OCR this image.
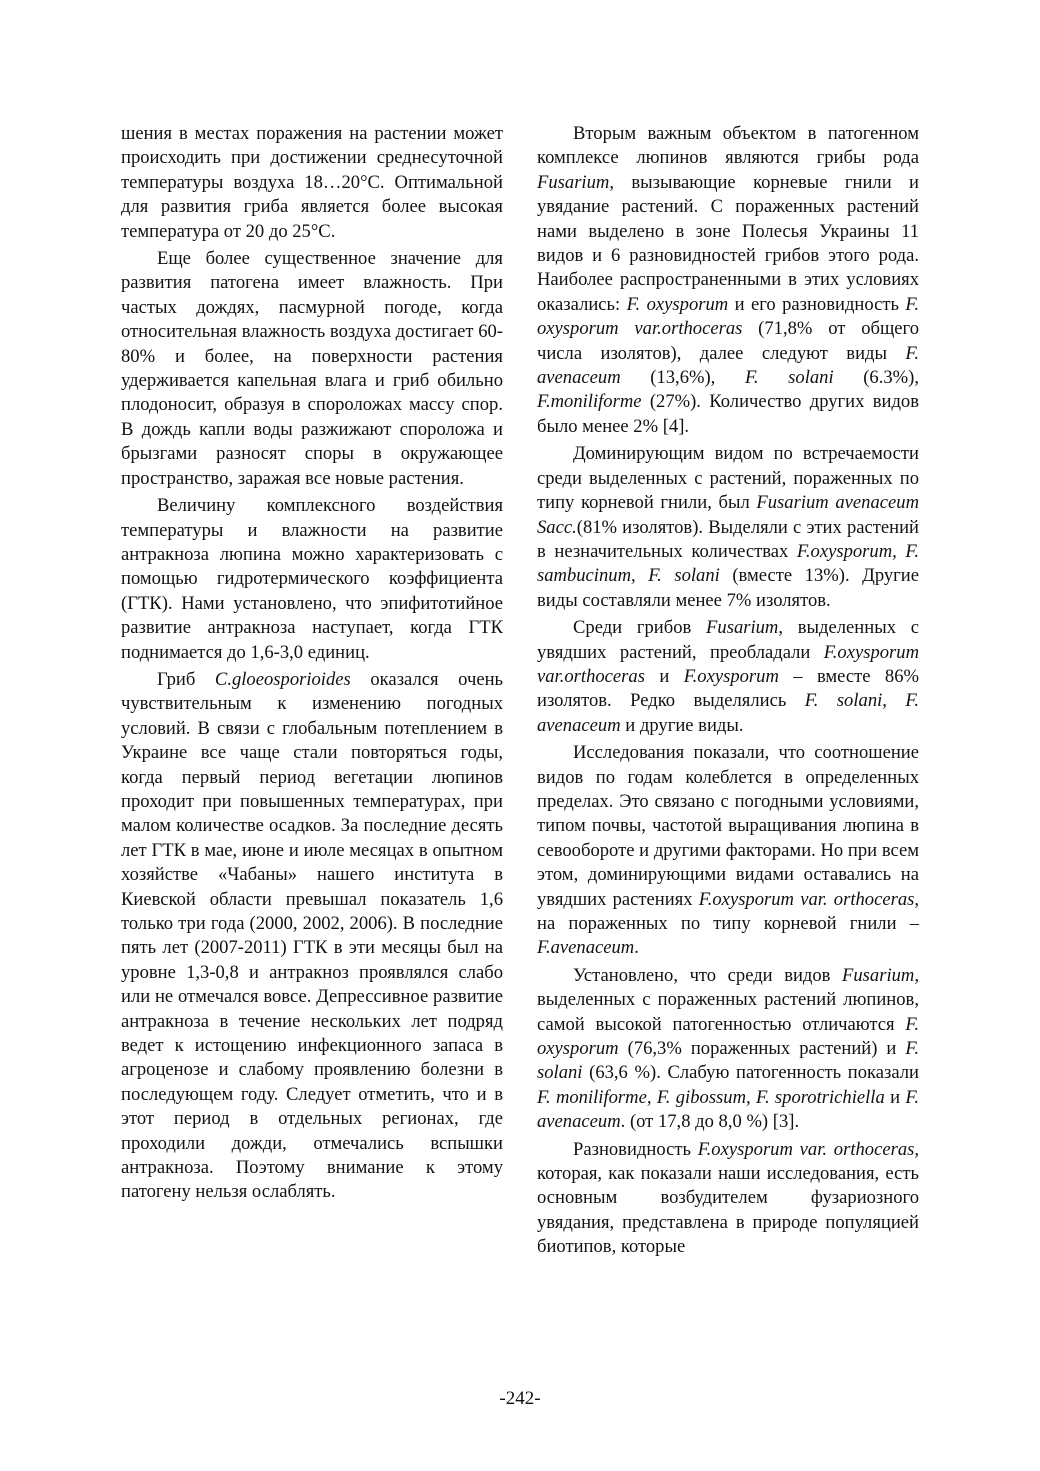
шения в местах поражения на растении может происходить при достижении среднесуточной температуры воздуха 18…20°С. Оптимальной для развития гриба является более высокая температура от 20 до 25°С.

Еще более существенное значение для развития патогена имеет влажность. При частых дождях, пасмурной погоде, когда относительная влажность воздуха достигает 60-80% и более, на поверхности растения удерживается капельная влага и гриб обильно плодоносит, образуя в спороложах массу спор. В дождь капли воды разжижают спороложа и брызгами разносят споры в окружающее пространство, заражая все новые растения.

Величину комплексного воздействия температуры и влажности на развитие антракноза люпина можно характеризовать с помощью гидротермического коэффициента (ГТК). Нами установлено, что эпифитотийное развитие антракноза наступает, когда ГТК поднимается до 1,6-3,0 единиц.

Гриб C.gloeosporioides оказался очень чувствительным к изменению погодных условий. В связи с глобальным потеплением в Украине все чаще стали повторяться годы, когда первый период вегетации люпинов проходит при повышенных температурах, при малом количестве осадков. За последние десять лет ГТК в мае, июне и июле месяцах в опытном хозяйстве «Чабаны» нашего института в Киевской области превышал показатель 1,6 только три года (2000, 2002, 2006). В последние пять лет (2007-2011) ГТК в эти месяцы был на уровне 1,3-0,8 и антракноз проявлялся слабо или не отмечался вовсе. Депрессивное развитие антракноза в течение нескольких лет подряд ведет к истощению инфекционного запаса в агроценозе и слабому проявлению болезни в последующем году. Следует отметить, что и в этот период в отдельных регионах, где проходили дожди, отмечались вспышки антракноза. Поэтому внимание к этому патогену нельзя ослаблять.

Вторым важным объектом в патогенном комплексе люпинов являются грибы рода Fusarium, вызывающие корневые гнили и увядание растений. С пораженных растений нами выделено в зоне Полесья Украины 11 видов и 6 разновидностей грибов этого рода. Наиболее распространенными в этих условиях оказались: F. oxysporum и его разновидность F. oxysporum var.orthoceras (71,8% от общего числа изолятов), далее следуют виды F. avenaceum (13,6%), F. solani (6.3%), F.moniliforme (27%). Количество других видов было менее 2% [4].

Доминирующим видом по встречаемости среди выделенных с растений, пораженных по типу корневой гнили, был Fusarium avenaceum Sacc.(81% изолятов). Выделяли с этих растений в незначительных количествах F.oxysporum, F. sambucinum, F. solani (вместе 13%). Другие виды составляли менее 7% изолятов.

Среди грибов Fusarium, выделенных с увядших растений, преобладали F.oxysporum var.orthoceras и F.oxysporum – вместе 86% изолятов. Редко выделялись F. solani, F. avenaceum и другие виды.

Исследования показали, что соотношение видов по годам колеблется в определенных пределах. Это связано с погодными условиями, типом почвы, частотой выращивания люпина в севообороте и другими факторами. Но при всем этом, доминирующими видами оставались на увядших растениях F.oxysporum var. orthoceras, на пораженных по типу корневой гнили – F.avenaceum.

Установлено, что среди видов Fusarium, выделенных с пораженных растений люпинов, самой высокой патогенностью отличаются F. oxysporum (76,3% пораженных растений) и F. solani (63,6 %). Слабую патогенность показали F. moniliforme, F. gibossum, F. sporotrichiella и F. avenaceum. (от 17,8 до 8,0 %) [3].

Разновидность F.oxysporum var. orthoceras, которая, как показали наши исследования, есть основным возбудителем фузариозного увядания, представлена в природе популяцией биотипов, которые

-242-
